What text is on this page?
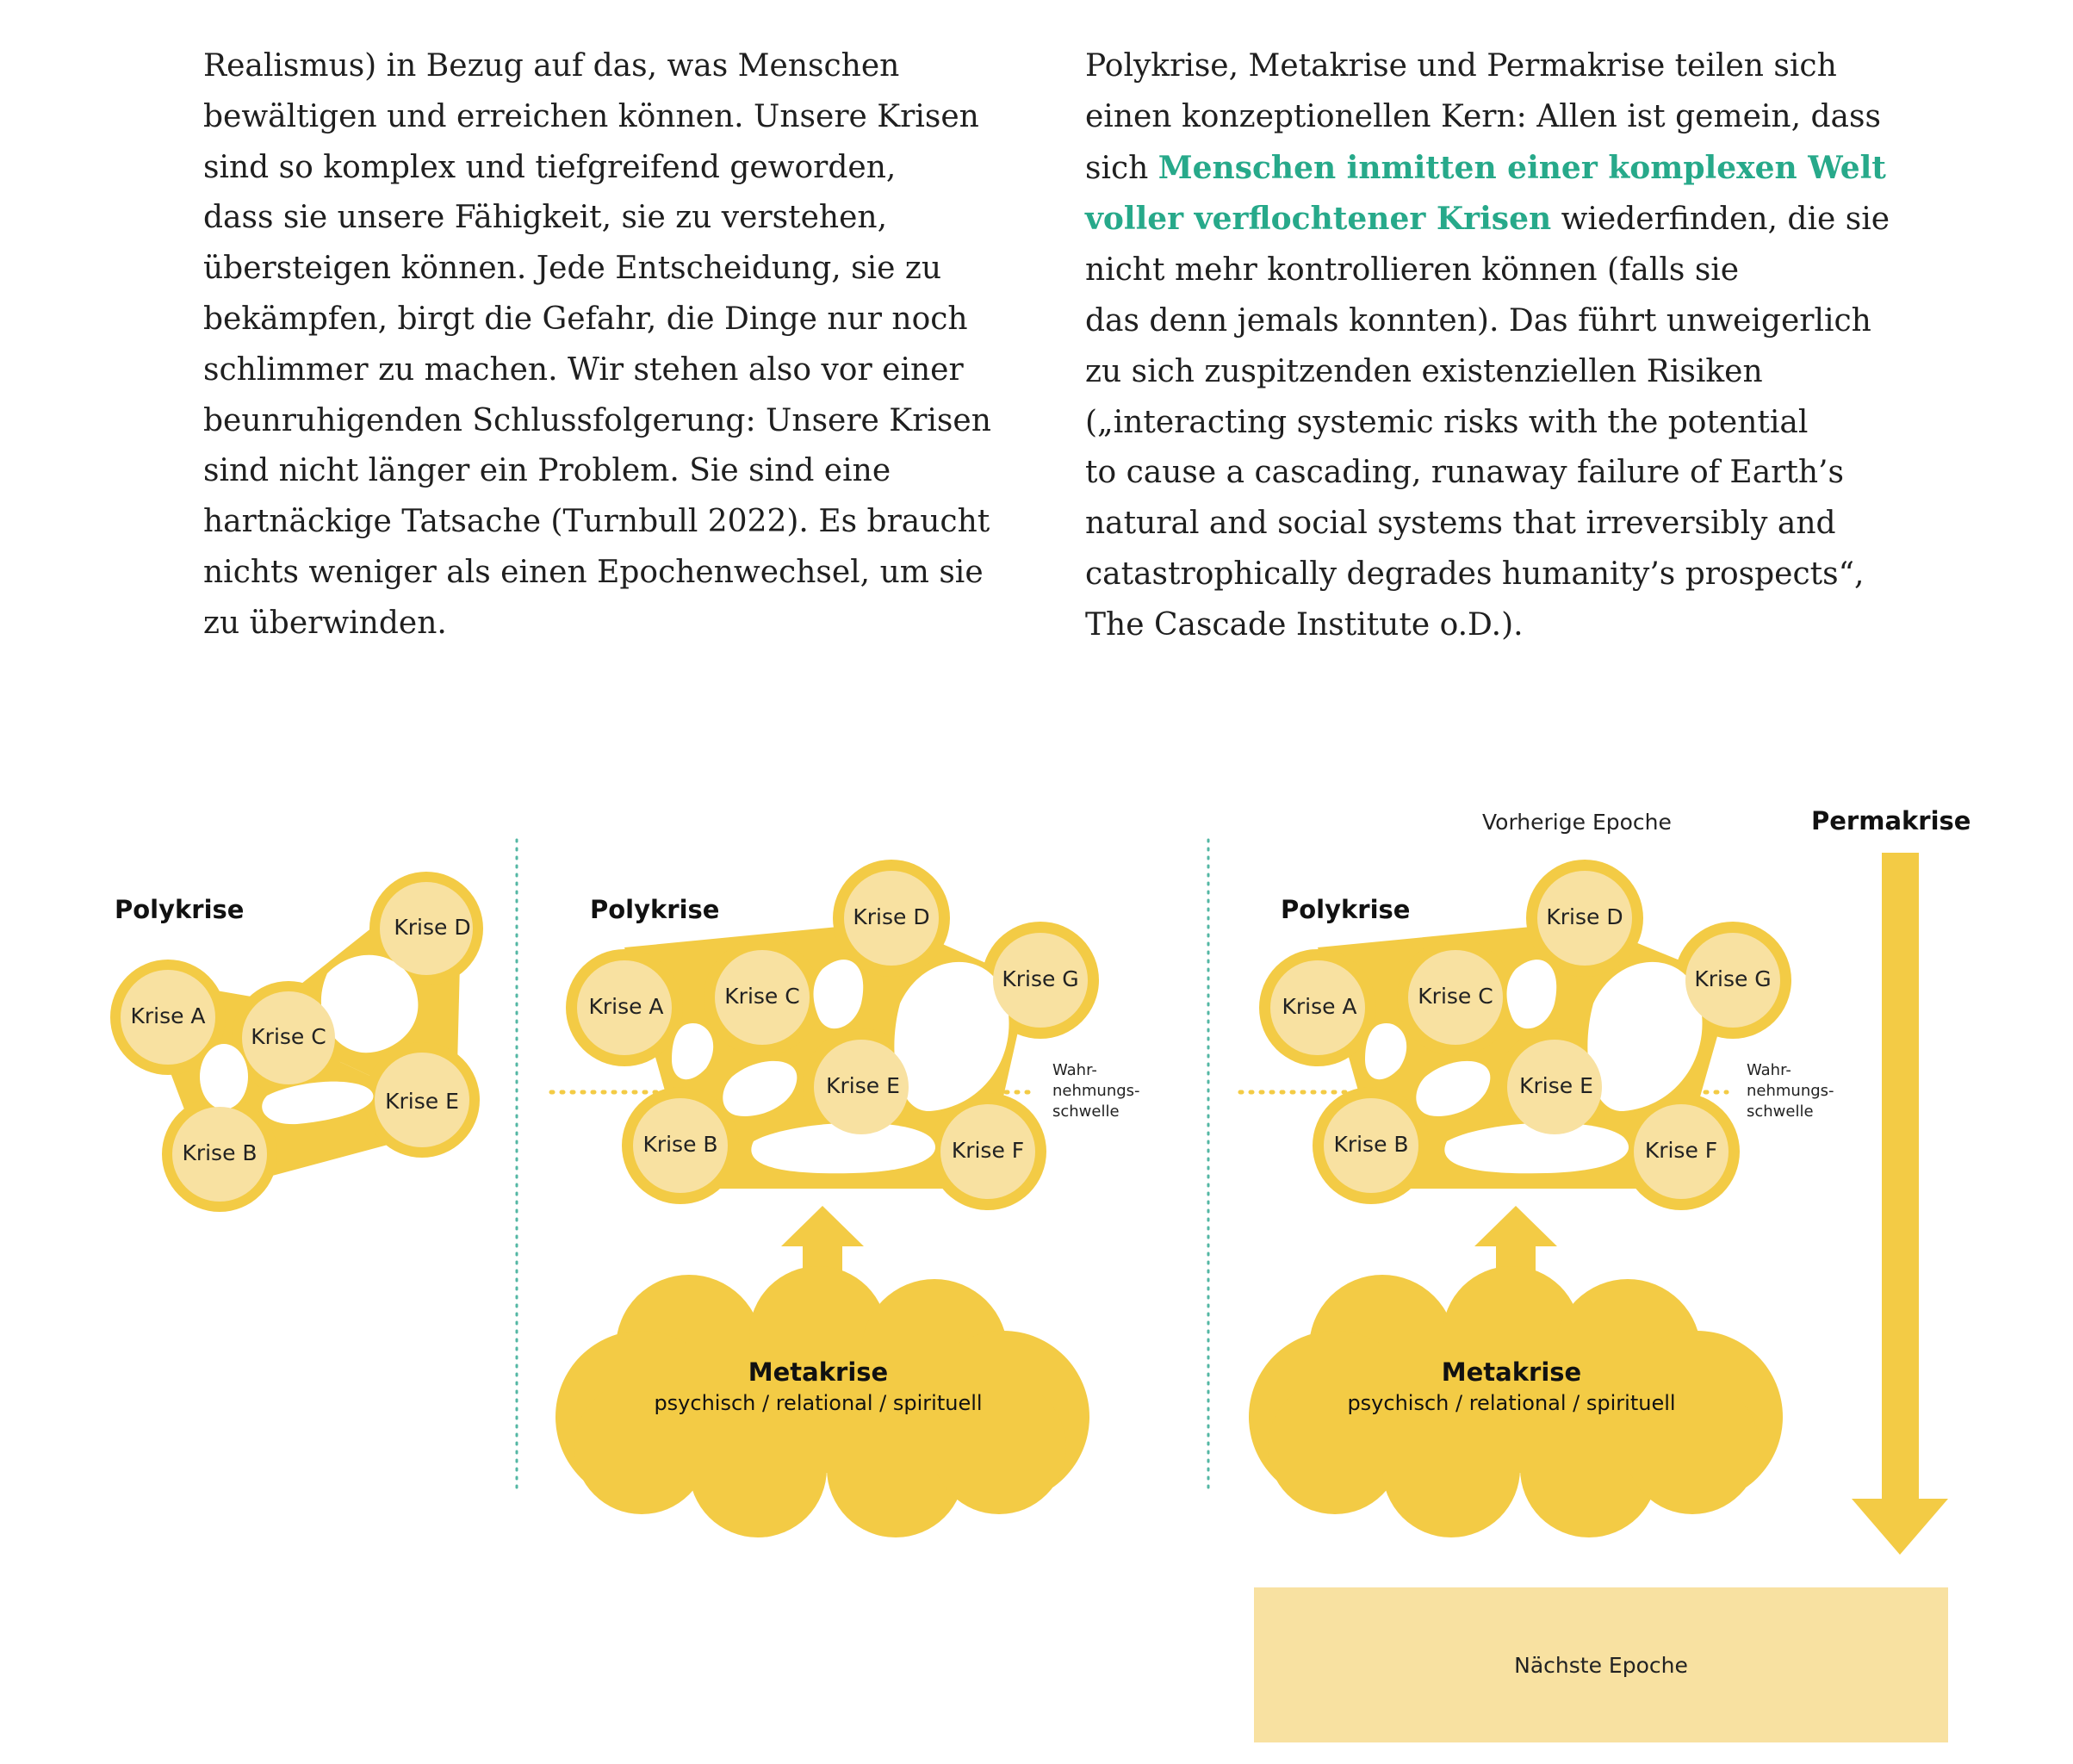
Realismus) in Bezug auf das, was Menschen
bewältigen und erreichen können. Unsere Krisen
sind so komplex und tiefgreifend geworden,
dass sie unsere Fähigkeit, sie zu verstehen,
übersteigen können. Jede Entscheidung, sie zu
bekämpfen, birgt die Gefahr, die Dinge nur noch
schlimmer zu machen. Wir stehen also vor einer
beunruhigenden Schlussfolgerung: Unsere Krisen
sind nicht länger ein Problem. Sie sind eine
hartnäckige Tatsache (Turnbull 2022). Es braucht
nichts weniger als einen Epochenwechsel, um sie
zu überwinden.
Polykrise, Metakrise und Permakrise teilen sich
einen konzeptionellen Kern: Allen ist gemein, dass
sich Menschen inmitten einer komplexen Welt
voller verflochtener Krisen wiederfinden, die sie
nicht mehr kontrollieren können (falls sie
das denn jemals konnten). Das führt unweigerlich
zu sich zuspitzenden existenziellen Risiken
(„interacting systemic risks with the potential
to cause a cascading, runaway failure of Earth’s
natural and social systems that irreversibly and
catastrophically degrades humanity’s prospects“,
The Cascade Institute o.D.).
Polykrise
Krise A
Krise C
Krise D
Krise E
Krise B
Polykrise
Krise A	Krise C
Krise D
Krise G
Krise E
Krise B	Krise F
Wahr-
nehmungs-
schwelle
Metakrise
psychisch / relational / spirituell
Vorherige Epoche	Permakrise
Polykrise
Krise A	Krise C
Krise D
Krise G
Krise E
Krise B	Krise F
Wahr-
nehmungs-
schwelle
Metakrise
psychisch / relational / spirituell
Nächste Epoche
